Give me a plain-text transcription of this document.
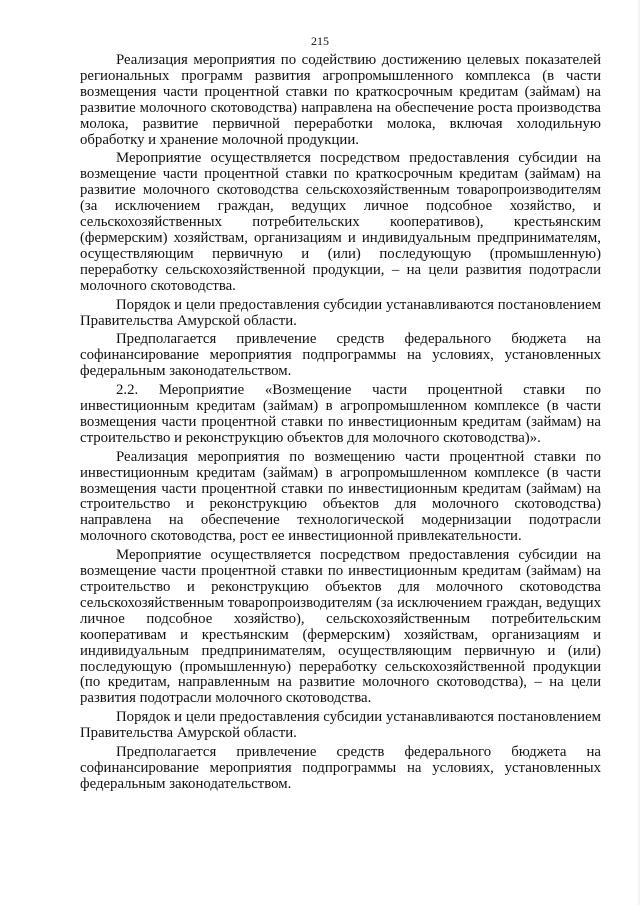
215

Реализация мероприятия по содействию достижению целевых показателей региональных программ развития агропромышленного комплекса (в части возмещения части процентной ставки по краткосрочным кредитам (займам) на развитие молочного скотоводства) направлена на обеспечение роста производства молока, развитие первичной переработки молока, включая холодильную обработку и хранение молочной продукции.

Мероприятие осуществляется посредством предоставления субсидии на возмещение части процентной ставки по краткосрочным кредитам (займам) на развитие молочного скотоводства сельскохозяйственным товаропроизводителям (за исключением граждан, ведущих личное подсобное хозяйство, и сельскохозяйственных потребительских кооперативов), крестьянским (фермерским) хозяйствам, организациям и индивидуальным предпринимателям, осуществляющим первичную и (или) последующую (промышленную) переработку сельскохозяйственной продукции, – на цели развития подотрасли молочного скотоводства.

Порядок и цели предоставления субсидии устанавливаются постановлением Правительства Амурской области.

Предполагается привлечение средств федерального бюджета на софинансирование мероприятия подпрограммы на условиях, установленных федеральным законодательством.

2.2. Мероприятие «Возмещение части процентной ставки по инвестиционным кредитам (займам) в агропромышленном комплексе (в части возмещения части процентной ставки по инвестиционным кредитам (займам) на строительство и реконструкцию объектов для молочного скотоводства)».

Реализация мероприятия по возмещению части процентной ставки по инвестиционным кредитам (займам) в агропромышленном комплексе (в части возмещения части процентной ставки по инвестиционным кредитам (займам) на строительство и реконструкцию объектов для молочного скотоводства) направлена на обеспечение технологической модернизации подотрасли молочного скотоводства, рост ее инвестиционной привлекательности.

Мероприятие осуществляется посредством предоставления субсидии на возмещение части процентной ставки по инвестиционным кредитам (займам) на строительство и реконструкцию объектов для молочного скотоводства сельскохозяйственным товаропроизводителям (за исключением граждан, ведущих личное подсобное хозяйство), сельскохозяйственным потребительским кооперативам и крестьянским (фермерским) хозяйствам, организациям и индивидуальным предпринимателям, осуществляющим первичную и (или) последующую (промышленную) переработку сельскохозяйственной продукции (по кредитам, направленным на развитие молочного скотоводства), – на цели развития подотрасли молочного скотоводства.

Порядок и цели предоставления субсидии устанавливаются постановлением Правительства Амурской области.

Предполагается привлечение средств федерального бюджета на софинансирование мероприятия подпрограммы на условиях, установленных федеральным законодательством.
